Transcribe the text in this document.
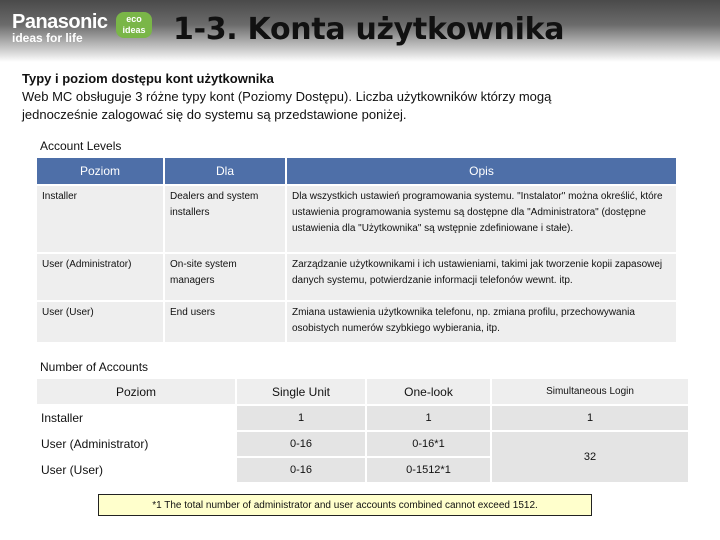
Panasonic
ideas for life
eco ideas 1-3. Konta użytkownika
Typy i poziom dostępu kont użytkownika
Web MC obsługuje 3 różne typy kont (Poziomy Dostępu). Liczba użytkowników którzy mogą
jednocześnie zalogować się do systemu są przedstawione poniżej.
Account Levels
Poziom	Dla	Opis
Installer	Dealers and system installers	Dla wszystkich ustawień programowania systemu. "Instalator" można określić, które ustawienia programowania systemu są dostępne dla "Administratora" (dostępne ustawienia dla "Użytkownika" są wstępnie zdefiniowane i stałe).
User (Administrator)	On-site system managers	Zarządzanie użytkownikami i ich ustawieniami, takimi jak tworzenie kopii zapasowej danych systemu, potwierdzanie informacji telefonów wewnt. itp.
User (User)	End users	Zmiana ustawienia użytkownika telefonu, np. zmiana profilu, przechowywania osobistych numerów szybkiego wybierania, itp.
Number of Accounts
Poziom	Single Unit	One-look	Simultaneous Login
Installer	1	1	1
User (Administrator)	0-16	0-16*1	32
User (User)	0-16	0-1512*1	
*1 The total number of administrator and user accounts combined cannot exceed 1512.
